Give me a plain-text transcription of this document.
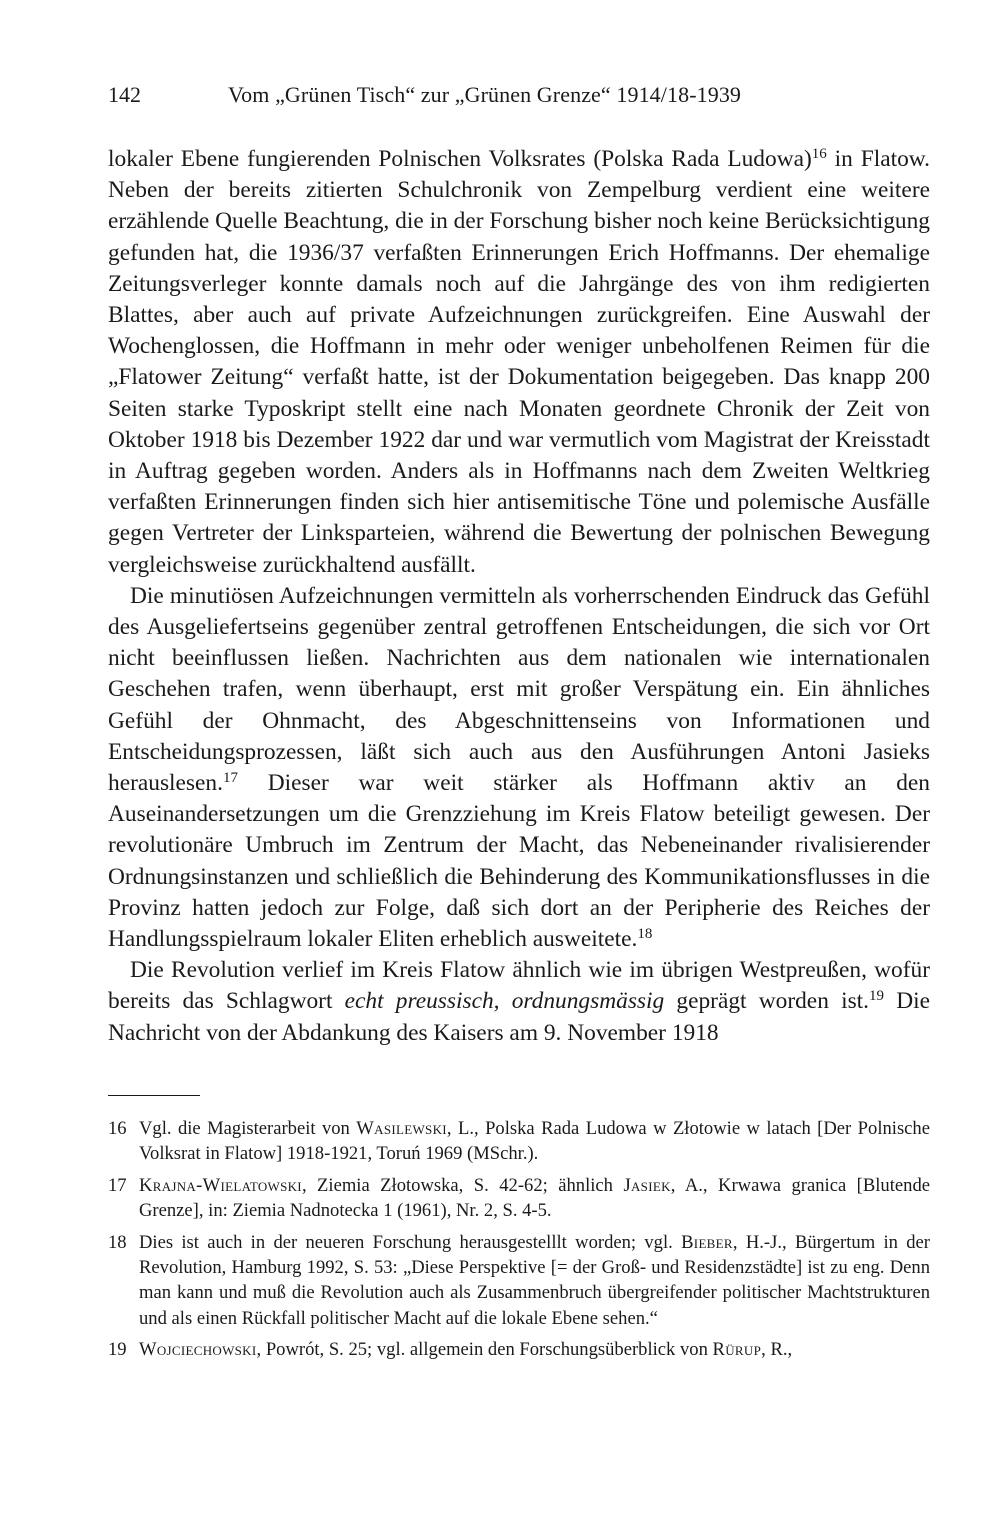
142	Vom „Grünen Tisch“ zur „Grünen Grenze“ 1914/18-1939

lokaler Ebene fungierenden Polnischen Volksrates (Polska Rada Ludowa)$^{16}$ in Flatow. Neben der bereits zitierten Schulchronik von Zempelburg verdient eine weitere erzählende Quelle Beachtung, die in der Forschung bisher noch keine Berücksichtigung gefunden hat, die 1936/37 verfaßten Erinnerungen Erich Hoffmanns. Der ehemalige Zeitungsverleger konnte damals noch auf die Jahrgänge des von ihm redigierten Blattes, aber auch auf private Aufzeichnungen zurückgreifen. Eine Auswahl der Wochenglossen, die Hoffmann in mehr oder weniger unbeholfenen Reimen für die „Flatower Zeitung“ verfaßt hatte, ist der Dokumentation beigegeben. Das knapp 200 Seiten starke Typoskript stellt eine nach Monaten geordnete Chronik der Zeit von Oktober 1918 bis Dezember 1922 dar und war vermutlich vom Magistrat der Kreisstadt in Auftrag gegeben worden. Anders als in Hoffmanns nach dem Zweiten Weltkrieg verfaßten Erinnerungen finden sich hier antisemitische Töne und polemische Ausfälle gegen Vertreter der Linksparteien, während die Bewertung der polnischen Bewegung vergleichsweise zurückhaltend ausfällt.

Die minutiösen Aufzeichnungen vermitteln als vorherrschenden Eindruck das Gefühl des Ausgeliefertseins gegenüber zentral getroffenen Entscheidungen, die sich vor Ort nicht beeinflussen ließen. Nachrichten aus dem nationalen wie internationalen Geschehen trafen, wenn überhaupt, erst mit großer Verspätung ein. Ein ähnliches Gefühl der Ohnmacht, des Abgeschnittenseins von Informationen und Entscheidungsprozessen, läßt sich auch aus den Ausführungen Antoni Jasieks herauslesen.$^{17}$ Dieser war weit stärker als Hoffmann aktiv an den Auseinandersetzungen um die Grenzziehung im Kreis Flatow beteiligt gewesen. Der revolutionäre Umbruch im Zentrum der Macht, das Nebeneinander rivalisierender Ordnungsinstanzen und schließlich die Behinderung des Kommunikationsflusses in die Provinz hatten jedoch zur Folge, daß sich dort an der Peripherie des Reiches der Handlungsspielraum lokaler Eliten erheblich ausweitete.$^{18}$

Die Revolution verlief im Kreis Flatow ähnlich wie im übrigen Westpreußen, wofür bereits das Schlagwort echt preussisch, ordnungsmässig geprägt worden ist.$^{19}$ Die Nachricht von der Abdankung des Kaisers am 9. November 1918

16 Vgl. die Magisterarbeit von Wasilewski, L., Polska Rada Ludowa w Złotowie w latach [Der Polnische Volksrat in Flatow] 1918-1921, Toruń 1969 (MSchr.).
17 Krajna-Wielatowski, Ziemia Złotowska, S. 42-62; ähnlich Jasiek, A., Krwawa granica [Blutende Grenze], in: Ziemia Nadnotecka 1 (1961), Nr. 2, S. 4-5.
18 Dies ist auch in der neueren Forschung herausgestelllt worden; vgl. Bieber, H.-J., Bürgertum in der Revolution, Hamburg 1992, S. 53: „Diese Perspektive [= der Groß- und Residenzstädte] ist zu eng. Denn man kann und muß die Revolution auch als Zusammenbruch übergreifender politischer Machtstrukturen und als einen Rückfall politischer Macht auf die lokale Ebene sehen.“
19 Wojciechowski, Powrót, S. 25; vgl. allgemein den Forschungsüberblick von Rürup, R.,
